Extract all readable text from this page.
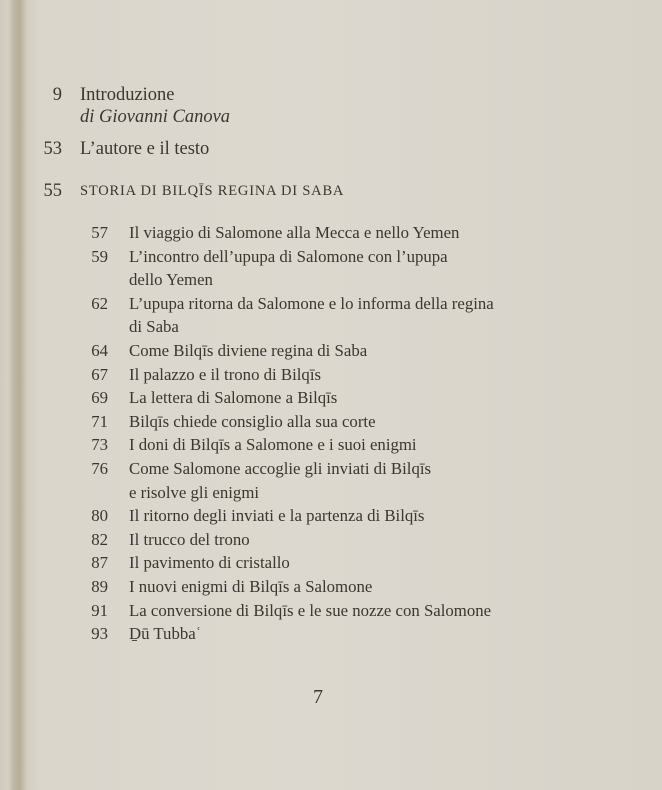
9 Introduzione
di Giovanni Canova
53 L’autore e il testo
55 STORIA DI BILQĪS REGINA DI SABA
57 Il viaggio di Salomone alla Mecca e nello Yemen
59 L’incontro dell’upupa di Salomone con l’upupa
dello Yemen
62 L’upupa ritorna da Salomone e lo informa della regina
di Saba
64 Come Bilqīs diviene regina di Saba
67 Il palazzo e il trono di Bilqīs
69 La lettera di Salomone a Bilqīs
71 Bilqīs chiede consiglio alla sua corte
73 I doni di Bilqīs a Salomone e i suoi enigmi
76 Come Salomone accoglie gli inviati di Bilqīs
e risolve gli enigmi
80 Il ritorno degli inviati e la partenza di Bilqīs
82 Il trucco del trono
87 Il pavimento di cristallo
89 I nuovi enigmi di Bilqīs a Salomone
91 La conversione di Bilqīs e le sue nozze con Salomone
93 Ḏū Tubbaʿ
7
